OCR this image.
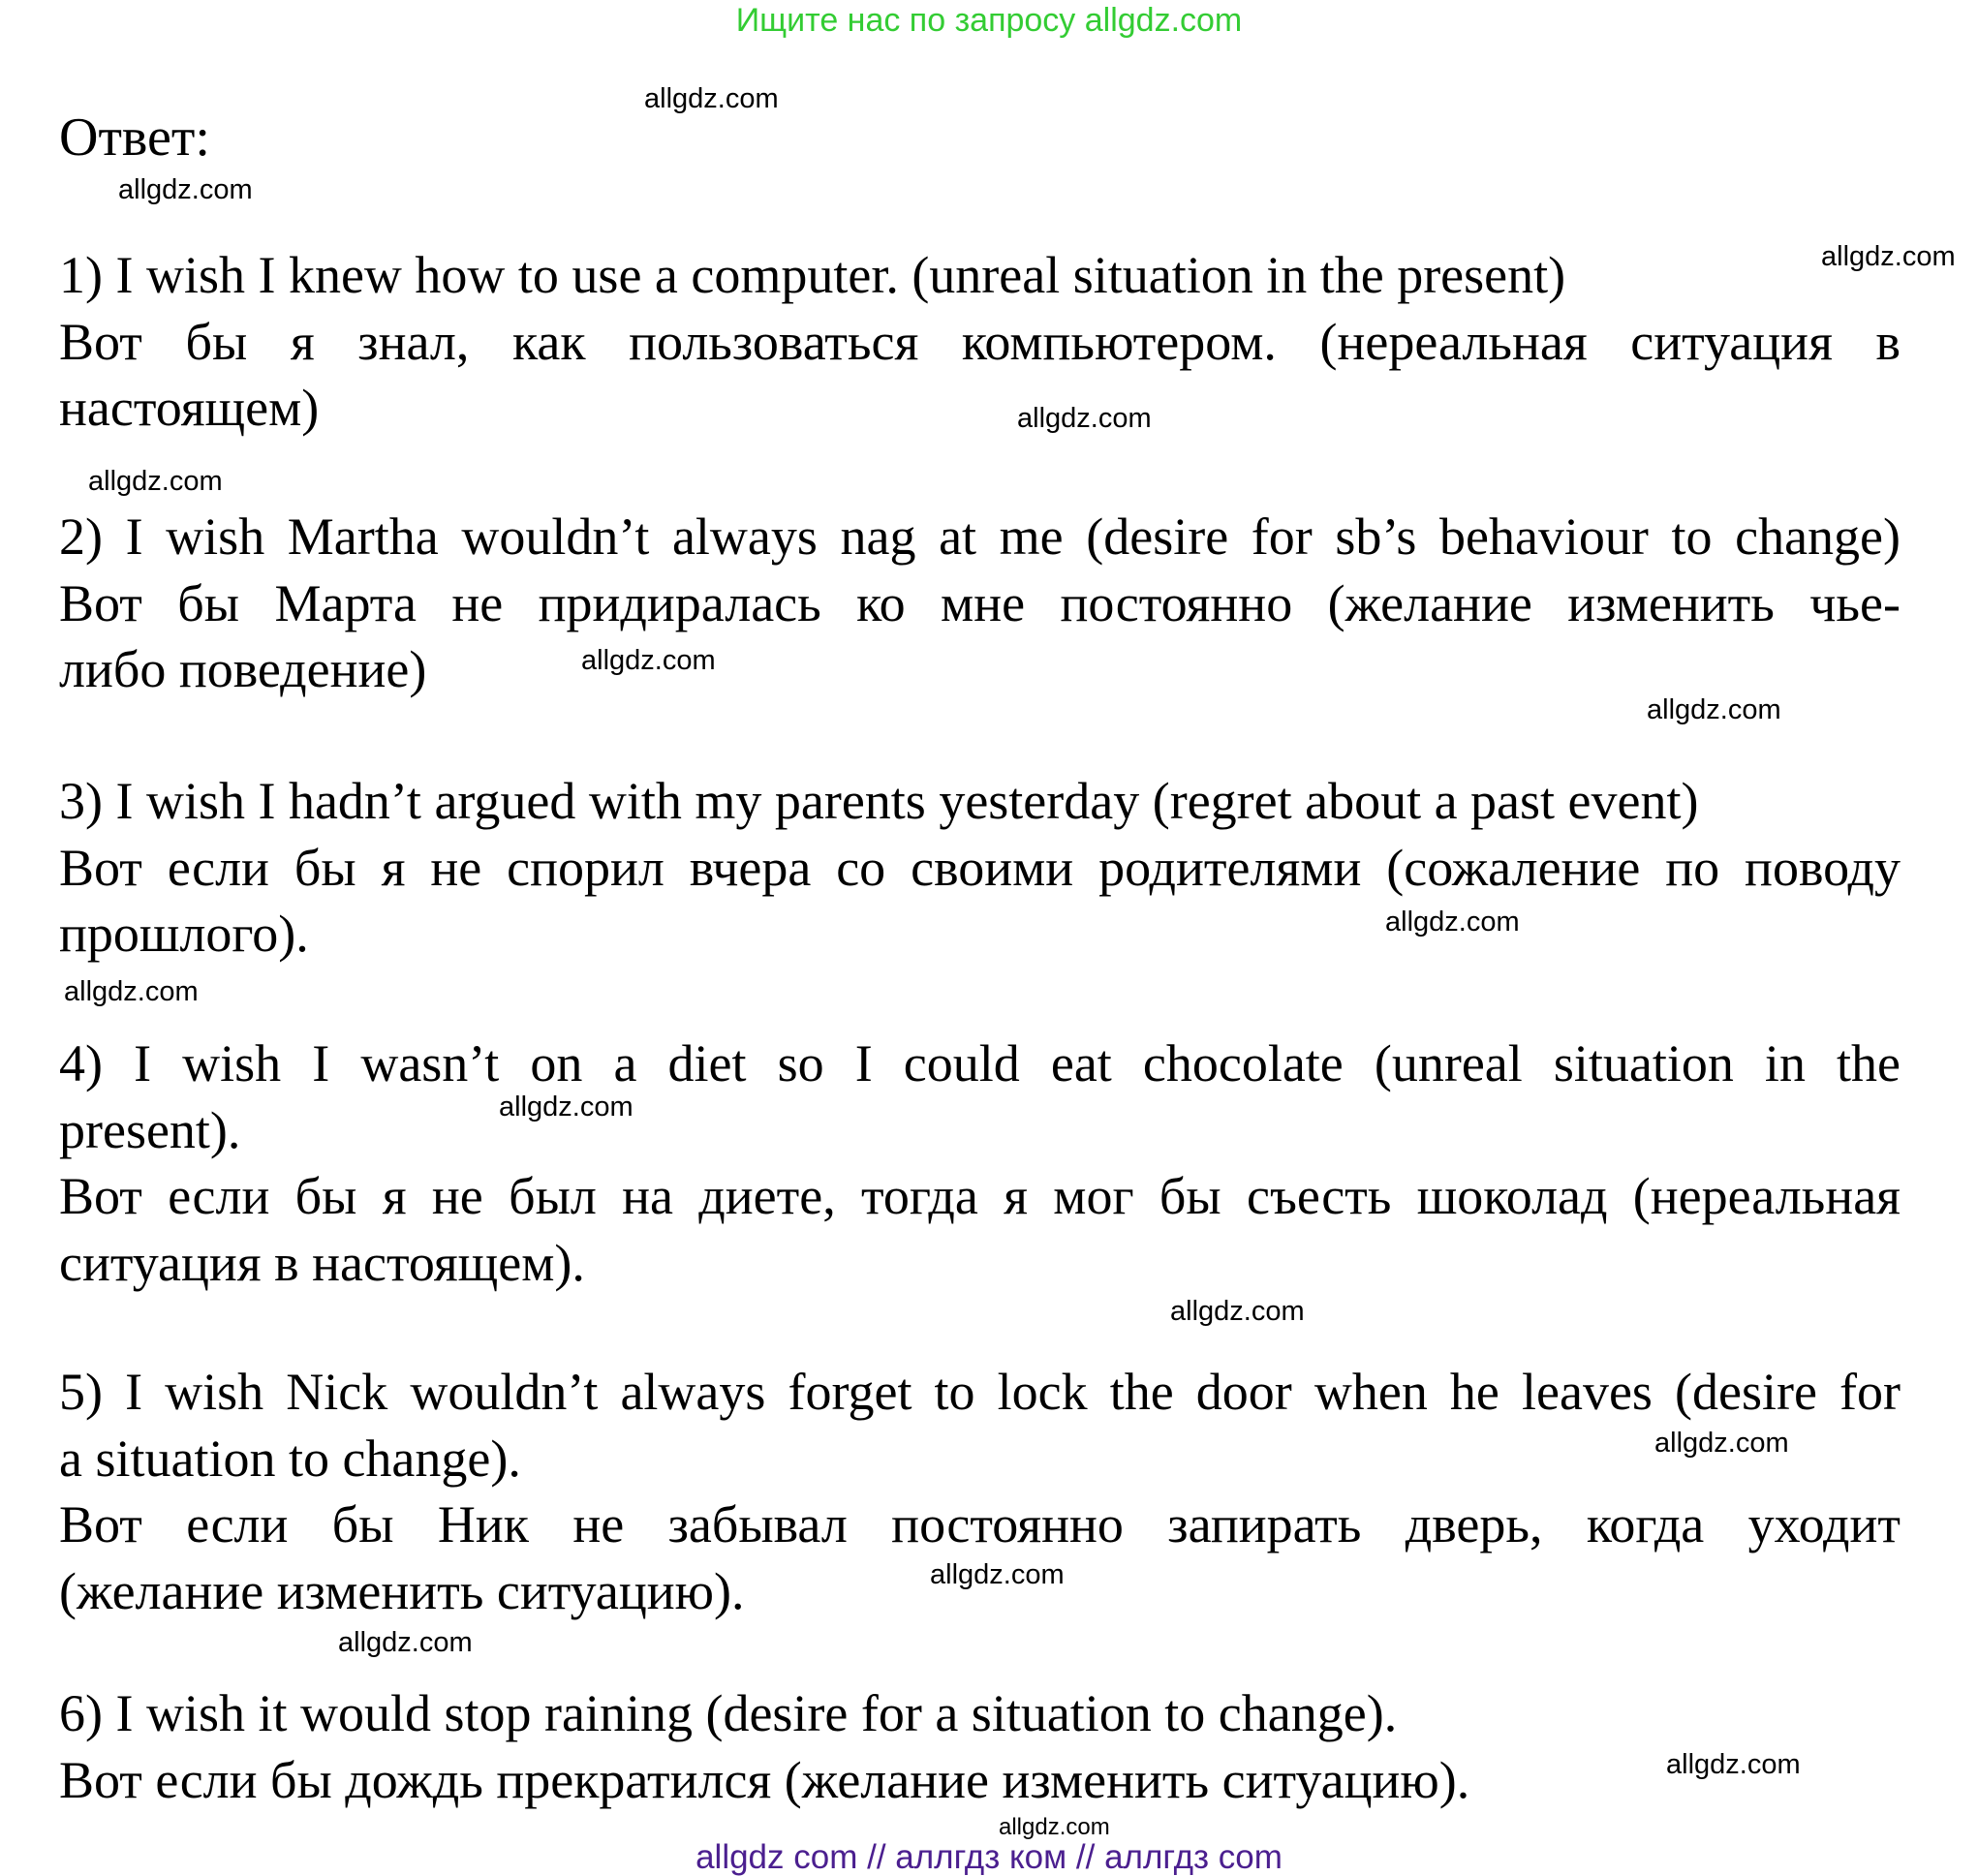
Ищите нас по запросу allgdz.com
Ответ:
1) I wish I knew how to use a computer. (unreal situation in the present)
Вот бы я знал, как пользоваться компьютером. (нереальная ситуация в
настоящем)
2) I wish Martha wouldn’t always nag at me (desire for sb’s behaviour to change)
Вот бы Марта не придиралась ко мне постоянно (желание изменить чье-
либо поведение)
3) I wish I hadn’t argued with my parents yesterday (regret about a past event)
Вот если бы я не спорил вчера со своими родителями (сожаление по поводу
прошлого).
4) I wish I wasn’t on a diet so I could eat chocolate (unreal situation in the
present).
Вот если бы я не был на диете, тогда я мог бы съесть шоколад (нереальная
ситуация в настоящем).
5) I wish Nick wouldn’t always forget to lock the door when he leaves (desire for
a situation to change).
Вот если бы Ник не забывал постоянно запирать дверь, когда уходит
(желание изменить ситуацию).
6) I wish it would stop raining (desire for a situation to change).
Вот если бы дождь прекратился (желание изменить ситуацию).
allgdz.com
allgdz.com
allgdz.com
allgdz.com
allgdz.com
allgdz.com
allgdz.com
allgdz.com
allgdz.com
allgdz.com
allgdz.com
allgdz.com
allgdz.com
allgdz.com
allgdz.com
allgdz.com
allgdz com // аллгдз ком // аллгдз com
